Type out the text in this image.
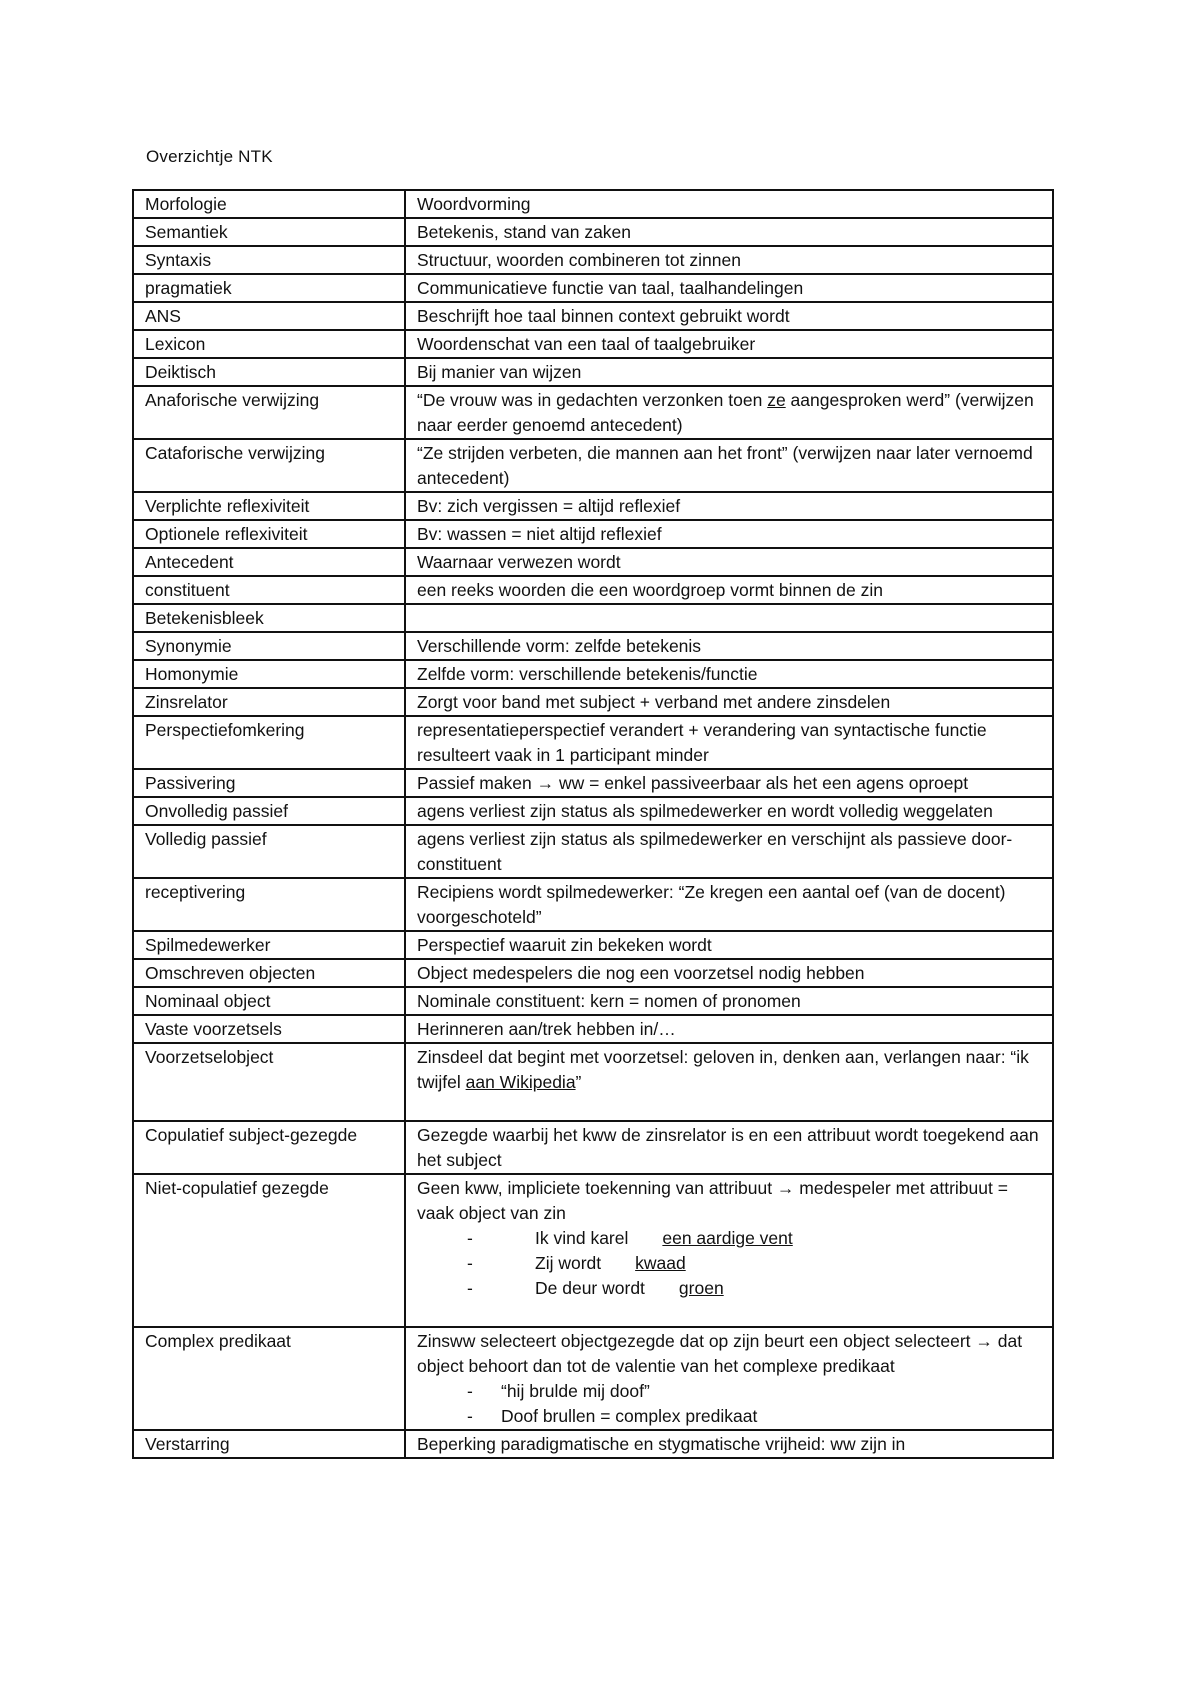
Overzichtje NTK
Morfologie	Woordvorming
Semantiek	Betekenis, stand van zaken
Syntaxis	Structuur, woorden combineren tot zinnen
pragmatiek	Communicatieve functie van taal, taalhandelingen
ANS	Beschrijft hoe taal binnen context gebruikt wordt
Lexicon	Woordenschat van een taal of taalgebruiker
Deiktisch	Bij manier van wijzen
Anaforische verwijzing	“De vrouw was in gedachten verzonken toen ze aangesproken werd” (verwijzen naar eerder genoemd antecedent)
Cataforische verwijzing	“Ze strijden verbeten, die mannen aan het front” (verwijzen naar later vernoemd antecedent)
Verplichte reflexiviteit	Bv: zich vergissen = altijd reflexief
Optionele reflexiviteit	Bv: wassen = niet altijd reflexief
Antecedent	Waarnaar verwezen wordt
constituent	een reeks woorden die een woordgroep vormt binnen de zin
Betekenisbleek	
Synonymie	Verschillende vorm: zelfde betekenis
Homonymie	Zelfde vorm: verschillende betekenis/functie
Zinsrelator	Zorgt voor band met subject + verband met andere zinsdelen
Perspectiefomkering	representatieperspectief verandert + verandering van syntactische functie resulteert vaak in 1 participant minder
Passivering	Passief maken → ww = enkel passiveerbaar als het een agens oproept
Onvolledig passief	agens verliest zijn status als spilmedewerker en wordt volledig weggelaten
Volledig passief	agens verliest zijn status als spilmedewerker en verschijnt als passieve door-constituent
receptivering	Recipiens wordt spilmedewerker: “Ze kregen een aantal oef (van de docent) voorgeschoteld”
Spilmedewerker	Perspectief waaruit zin bekeken wordt
Omschreven objecten	Object medespelers die nog een voorzetsel nodig hebben
Nominaal object	Nominale constituent: kern = nomen of pronomen
Vaste voorzetsels	Herinneren aan/trek hebben in/…
Voorzetselobject	Zinsdeel dat begint met voorzetsel: geloven in, denken aan, verlangen naar: “ik twijfel aan Wikipedia”

Copulatief subject-gezegde	Gezegde waarbij het kww de zinsrelator is en een attribuut wordt toegekend aan het subject
Niet-copulatief gezegde	Geen kww, impliciete toekenning van attribuut → medespeler met attribuut = vaak object van zin
- Ik vind kareleen aardige vent
- Zij wordtkwaad
- De deur wordtgroen

Complex predikaat	Zinsww selecteert objectgezegde dat op zijn beurt een object selecteert → dat object behoort dan tot de valentie van het complexe predikaat
- “hij brulde mij doof”
- Doof brullen = complex predikaat

Verstarring	Beperking paradigmatische en stygmatische vrijheid: ww zijn in
